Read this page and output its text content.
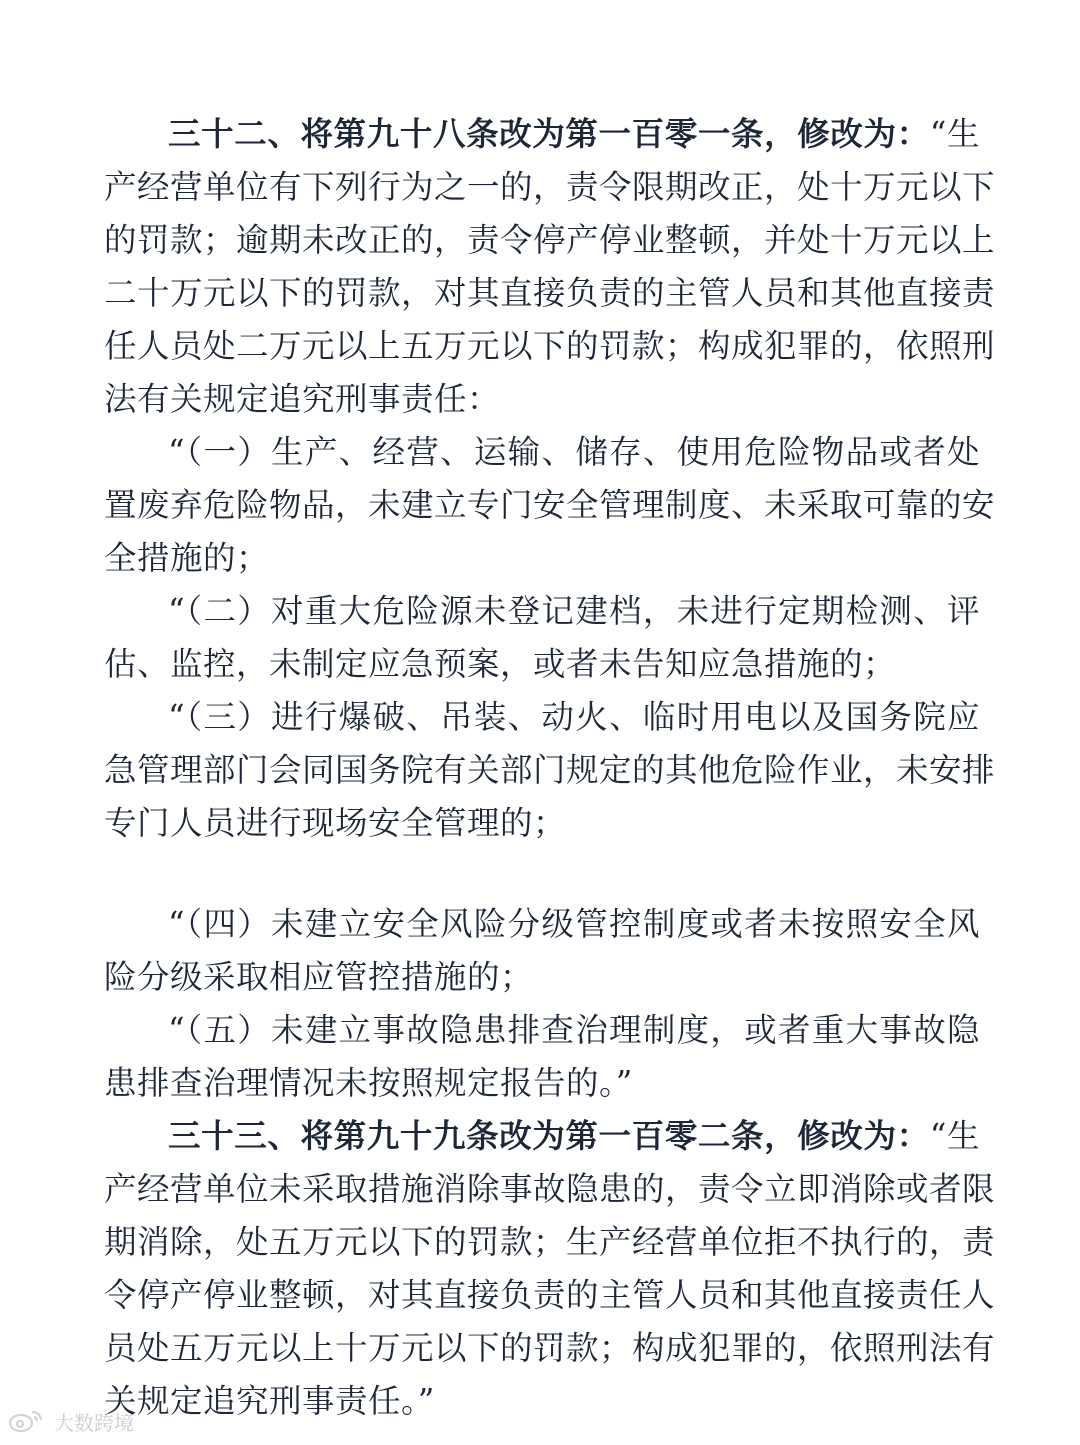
三十二、将第九十八条改为第一百零一条，修改为：“生
产经营单位有下列行为之一的，责令限期改正，处十万元以下
的罚款；逾期未改正的，责令停产停业整顿，并处十万元以上
二十万元以下的罚款，对其直接负责的主管人员和其他直接责
任人员处二万元以上五万元以下的罚款；构成犯罪的，依照刑
法有关规定追究刑事责任：
“（一）生产、经营、运输、储存、使用危险物品或者处
置废弃危险物品，未建立专门安全管理制度、未采取可靠的安
全措施的；
“（二）对重大危险源未登记建档，未进行定期检测、评
估、监控，未制定应急预案，或者未告知应急措施的；
“（三）进行爆破、吊装、动火、临时用电以及国务院应
急管理部门会同国务院有关部门规定的其他危险作业，未安排
专门人员进行现场安全管理的；
“（四）未建立安全风险分级管控制度或者未按照安全风
险分级采取相应管控措施的；
“（五）未建立事故隐患排查治理制度，或者重大事故隐
患排查治理情况未按照规定报告的。”
三十三、将第九十九条改为第一百零二条，修改为：“生
产经营单位未采取措施消除事故隐患的，责令立即消除或者限
期消除，处五万元以下的罚款；生产经营单位拒不执行的，责
令停产停业整顿，对其直接负责的主管人员和其他直接责任人
员处五万元以上十万元以下的罚款；构成犯罪的，依照刑法有
关规定追究刑事责任。”
大数跨境
